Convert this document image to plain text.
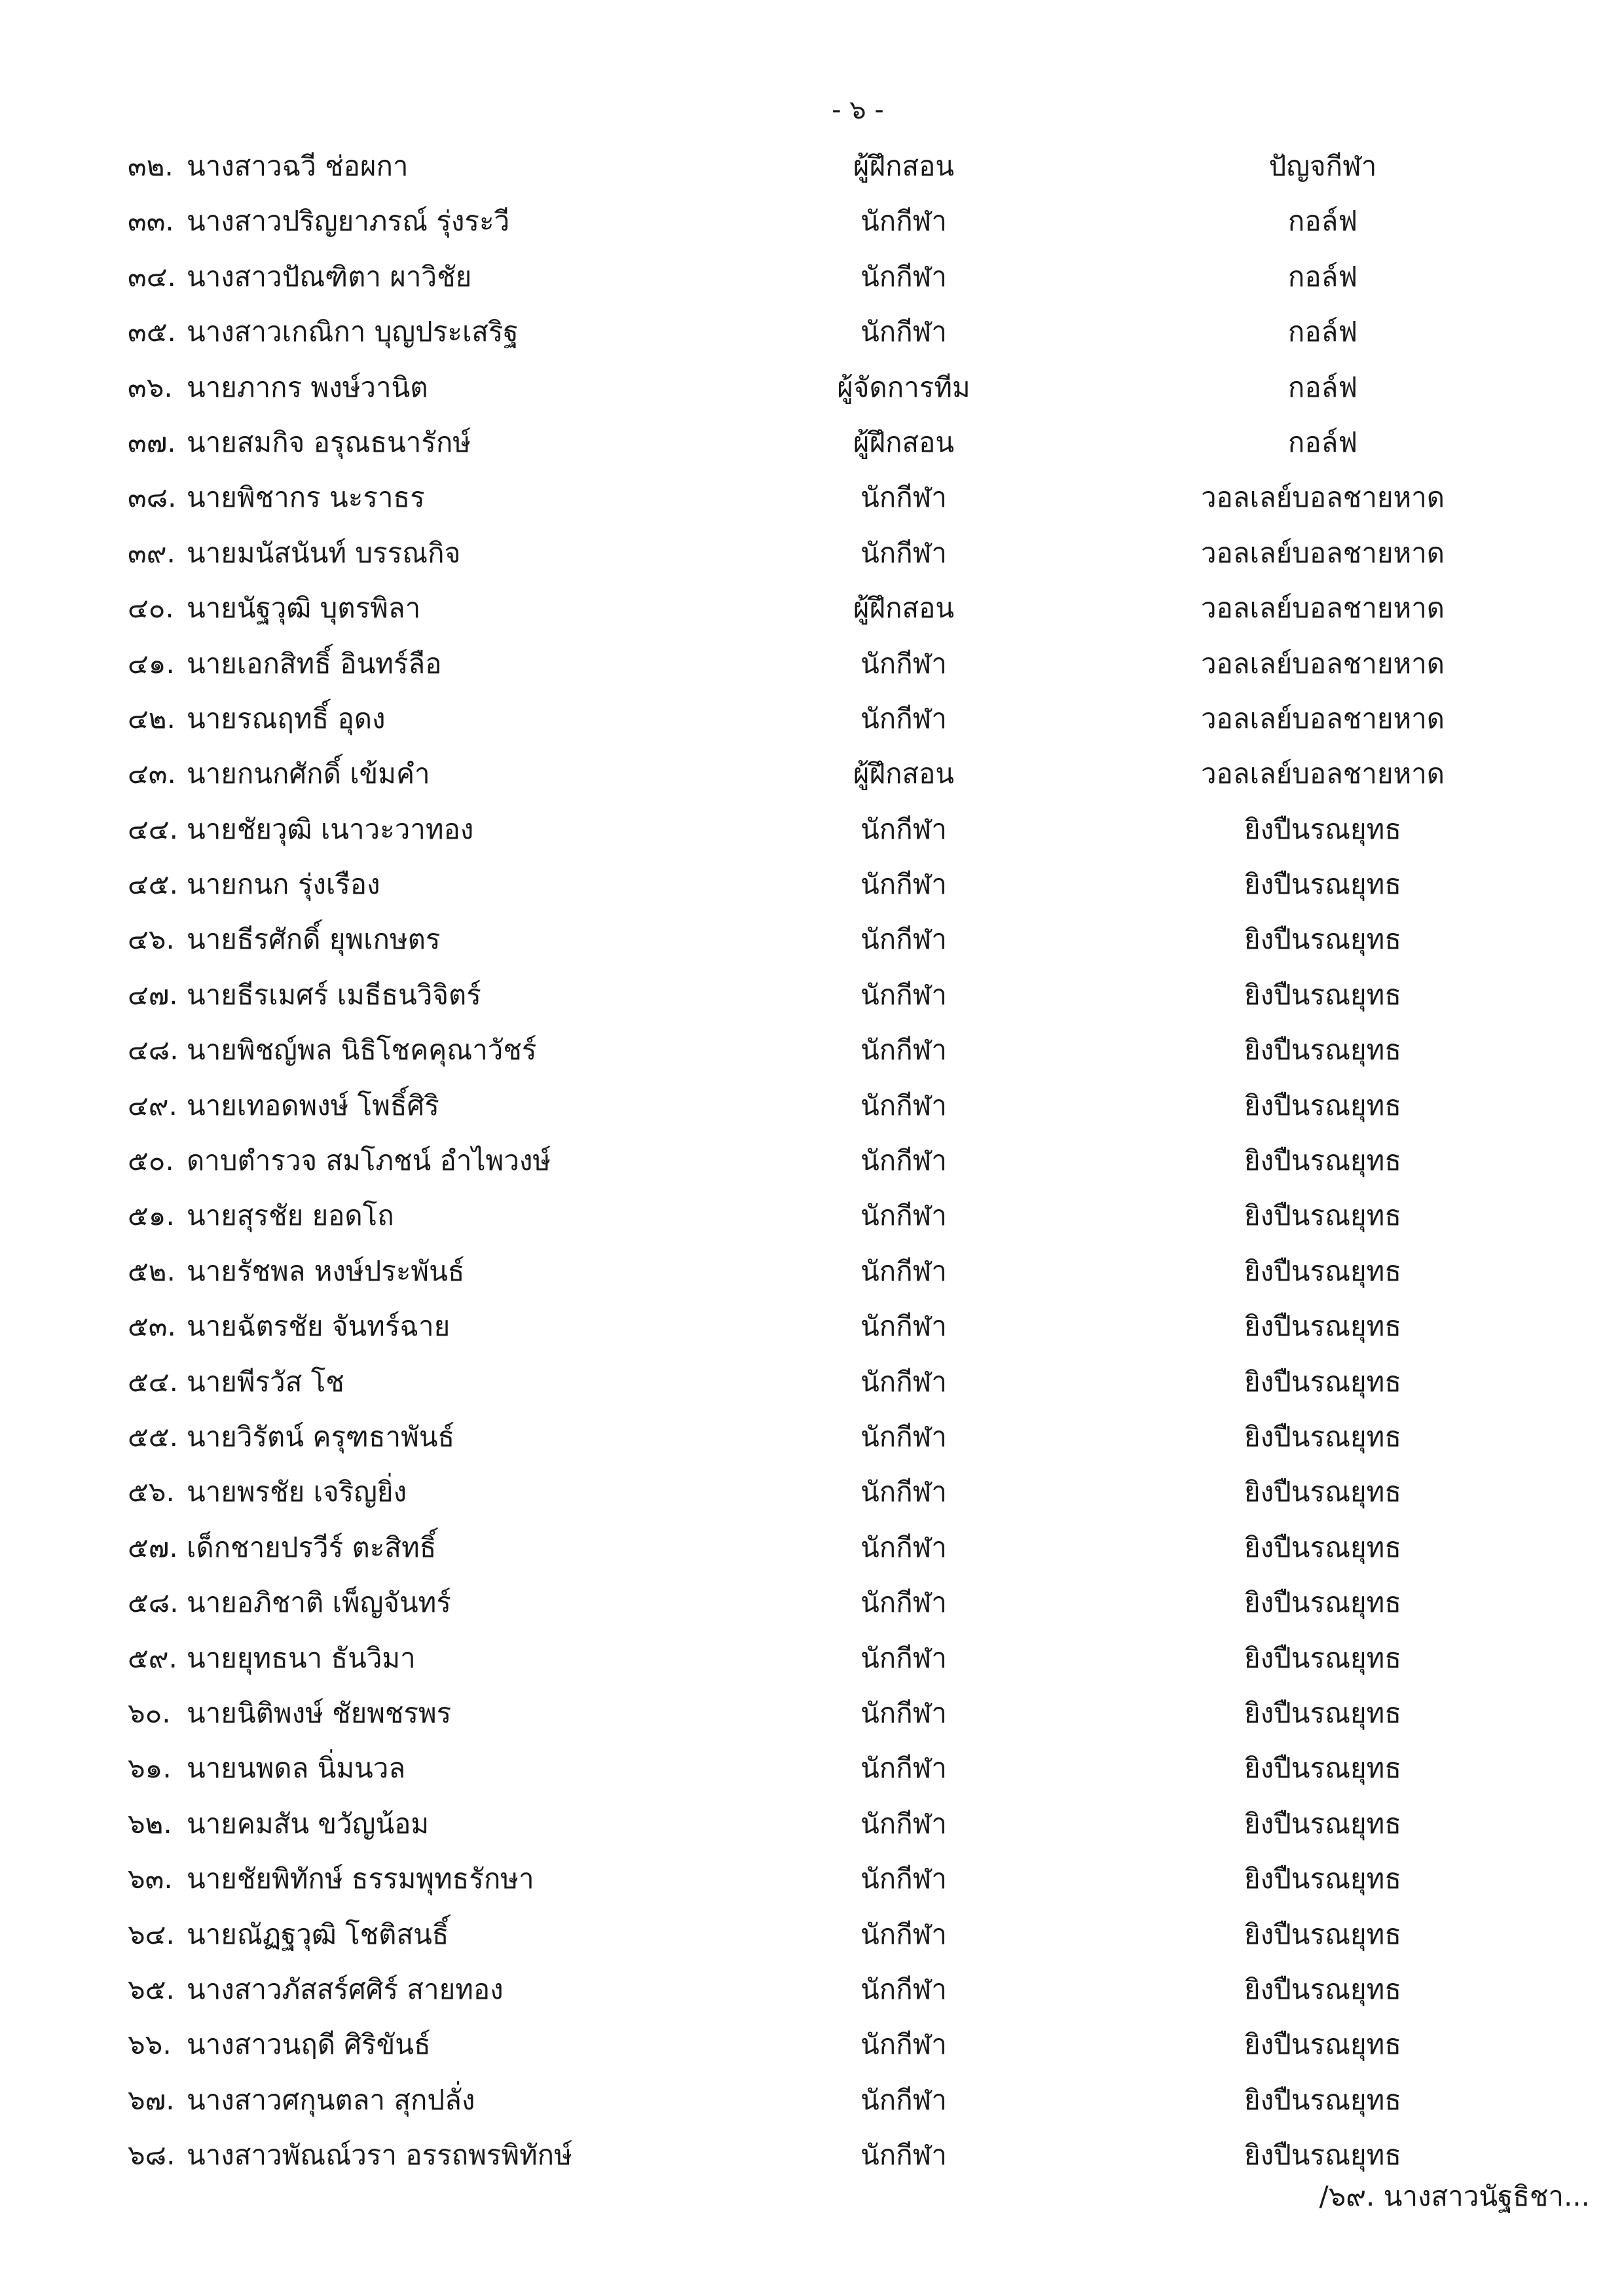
- ๖ -
๓๒. นางสาวฉวี ช่อผกา	ผู้ฝึกสอน	ปัญจกีฬา
๓๓. นางสาวปริญยาภรณ์ รุ่งระวี	นักกีฬา	กอล์ฟ
๓๔. นางสาวปัณฑิตา ผาวิชัย	นักกีฬา	กอล์ฟ
๓๕. นางสาวเกณิกา บุญประเสริฐ	นักกีฬา	กอล์ฟ
๓๖. นายภากร พงษ์วานิต	ผู้จัดการทีม	กอล์ฟ
๓๗. นายสมกิจ อรุณธนารักษ์	ผู้ฝึกสอน	กอล์ฟ
๓๘. นายพิชากร นะราธร	นักกีฬา	วอลเลย์บอลชายหาด
๓๙. นายมนัสนันท์ บรรณกิจ	นักกีฬา	วอลเลย์บอลชายหาด
๔๐. นายนัฐวุฒิ บุตรพิลา	ผู้ฝึกสอน	วอลเลย์บอลชายหาด
๔๑. นายเอกสิทธิ์ อินทร์ลือ	นักกีฬา	วอลเลย์บอลชายหาด
๔๒. นายรณฤทธิ์ อุดง	นักกีฬา	วอลเลย์บอลชายหาด
๔๓. นายกนกศักดิ์ เข้มคำ	ผู้ฝึกสอน	วอลเลย์บอลชายหาด
๔๔. นายชัยวุฒิ เนาวะวาทอง	นักกีฬา	ยิงปืนรณยุทธ
๔๕. นายกนก รุ่งเรือง	นักกีฬา	ยิงปืนรณยุทธ
๔๖. นายธีรศักดิ์ ยุพเกษตร	นักกีฬา	ยิงปืนรณยุทธ
๔๗. นายธีรเมศร์ เมธีธนวิจิตร์	นักกีฬา	ยิงปืนรณยุทธ
๔๘. นายพิชญ์พล นิธิโชคคุณาวัชร์	นักกีฬา	ยิงปืนรณยุทธ
๔๙. นายเทอดพงษ์ โพธิ์ศิริ	นักกีฬา	ยิงปืนรณยุทธ
๕๐. ดาบตำรวจ สมโภชน์ อำไพวงษ์	นักกีฬา	ยิงปืนรณยุทธ
๕๑. นายสุรชัย ยอดโถ	นักกีฬา	ยิงปืนรณยุทธ
๕๒. นายรัชพล หงษ์ประพันธ์	นักกีฬา	ยิงปืนรณยุทธ
๕๓. นายฉัตรชัย จันทร์ฉาย	นักกีฬา	ยิงปืนรณยุทธ
๕๔. นายพีรวัส โช	นักกีฬา	ยิงปืนรณยุทธ
๕๕. นายวิรัตน์ ครุฑธาพันธ์	นักกีฬา	ยิงปืนรณยุทธ
๕๖. นายพรชัย เจริญยิ่ง	นักกีฬา	ยิงปืนรณยุทธ
๕๗. เด็กชายปรวีร์ ตะสิทธิ์	นักกีฬา	ยิงปืนรณยุทธ
๕๘. นายอภิชาติ เพ็ญจันทร์	นักกีฬา	ยิงปืนรณยุทธ
๕๙. นายยุทธนา ธันวิมา	นักกีฬา	ยิงปืนรณยุทธ
๖๐. นายนิติพงษ์ ชัยพชรพร	นักกีฬา	ยิงปืนรณยุทธ
๖๑. นายนพดล นิ่มนวล	นักกีฬา	ยิงปืนรณยุทธ
๖๒. นายคมสัน ขวัญน้อม	นักกีฬา	ยิงปืนรณยุทธ
๖๓. นายชัยพิทักษ์ ธรรมพุทธรักษา	นักกีฬา	ยิงปืนรณยุทธ
๖๔. นายณัฏฐวุฒิ โชติสนธิ์	นักกีฬา	ยิงปืนรณยุทธ
๖๕. นางสาวภัสสร์ศศิร์ สายทอง	นักกีฬา	ยิงปืนรณยุทธ
๖๖. นางสาวนฤดี ศิริขันธ์	นักกีฬา	ยิงปืนรณยุทธ
๖๗. นางสาวศกุนตลา สุกปลั่ง	นักกีฬา	ยิงปืนรณยุทธ
๖๘. นางสาวพัณณ์วรา อรรถพรพิทักษ์	นักกีฬา	ยิงปืนรณยุทธ
/๖๙. นางสาวนัฐธิชา...
